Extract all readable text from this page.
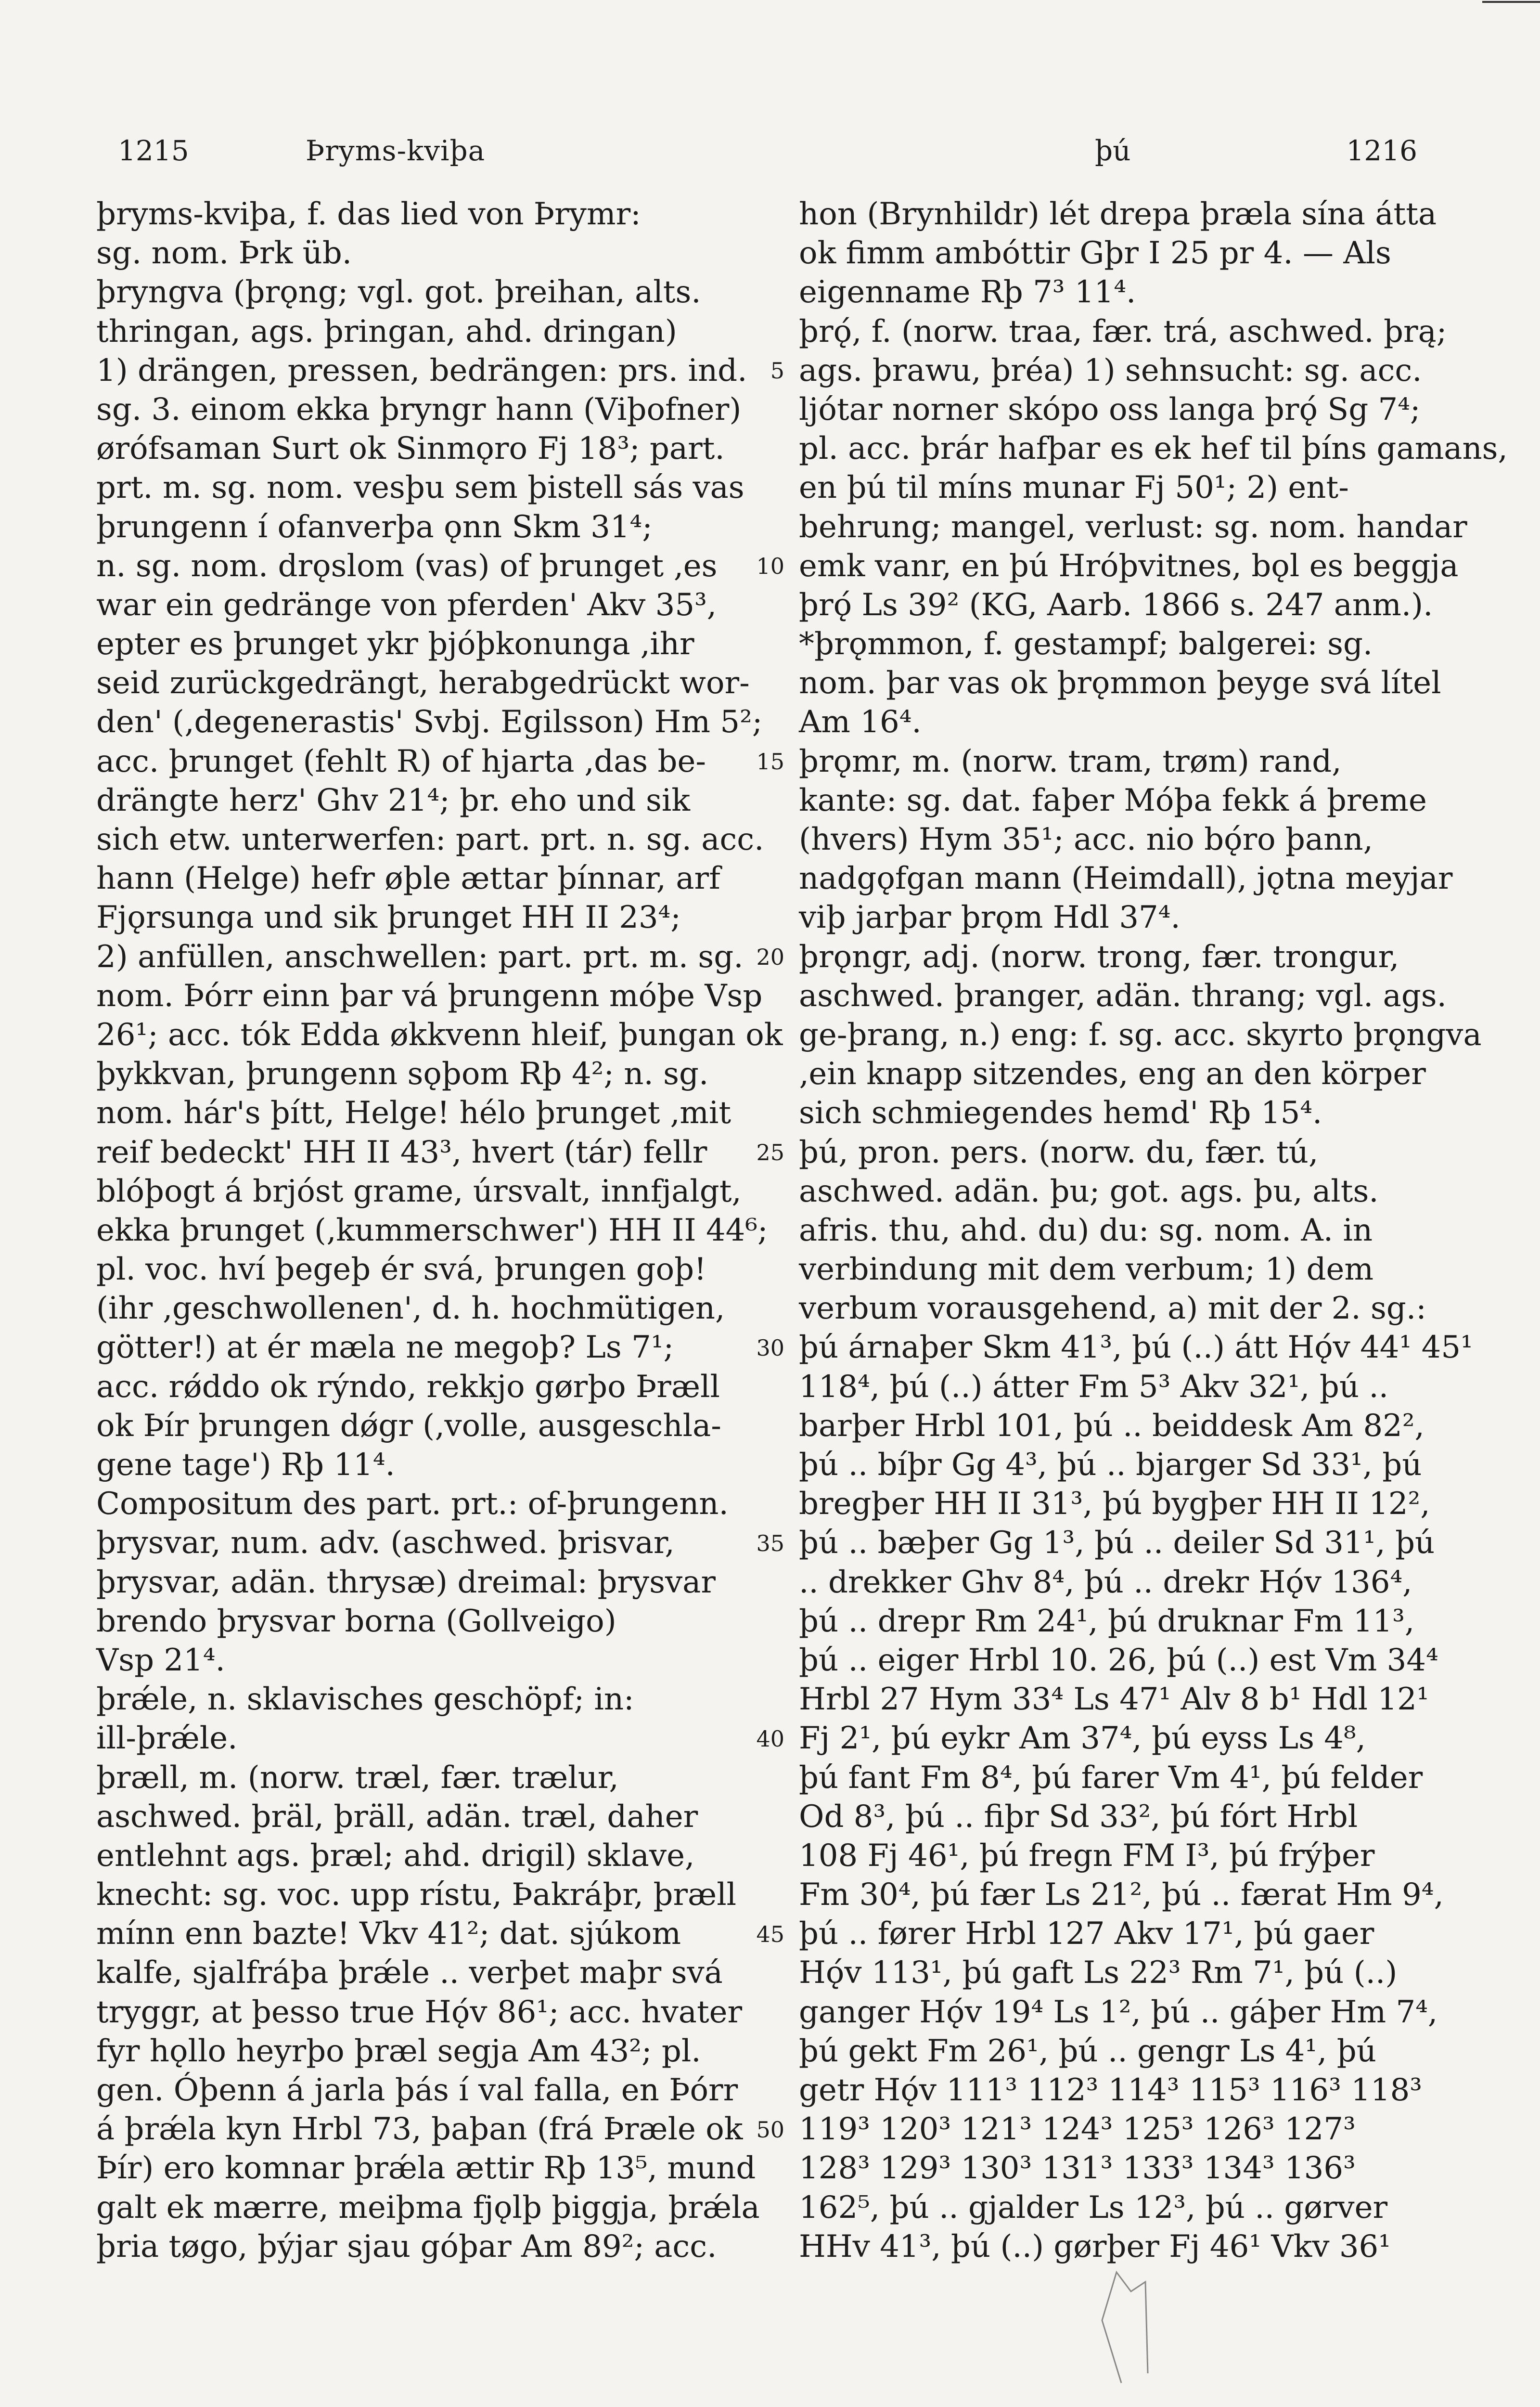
1215	Þryms-kviþa	þú	1216
þryms-kviþa, f. das lied von Þrymr:
sg. nom. Þrk üb.
þryngva (þrǫng; vgl. got. þreihan, alts.
thringan, ags. þringan, ahd. dringan)
1) drängen, pressen, bedrängen: prs. ind.
sg. 3. einom ekka þryngr hann (Viþofner)
ørófsaman Surt ok Sinmǫro Fj 18³; part.
prt. m. sg. nom. vesþu sem þistell sás vas
þrungenn í ofanverþa ǫnn Skm 31⁴;
n. sg. nom. drǫslom (vas) of þrunget ‚es
war ein gedränge von pferden' Akv 35³,
epter es þrunget ykr þjóþkonunga ‚ihr
seid zurückgedrängt, herabgedrückt wor-
den' (‚degenerastis' Svbj. Egilsson) Hm 5²;
acc. þrunget (fehlt R) of hjarta ‚das be-
drängte herz' Ghv 21⁴; þr. eho und sik
sich etw. unterwerfen: part. prt. n. sg. acc.
hann (Helge) hefr øþle ættar þínnar, arf
Fjǫrsunga und sik þrunget HH II 23⁴;
2) anfüllen, anschwellen: part. prt. m. sg.
nom. Þórr einn þar vá þrungenn móþe Vsp
26¹; acc. tók Edda økkvenn hleif, þungan ok
þykkvan, þrungenn sǫþom Rþ 4²; n. sg.
nom. hár's þítt, Helge! hélo þrunget ‚mit
reif bedeckt' HH II 43³, hvert (tár) fellr
blóþogt á brjóst grame, úrsvalt, innfjalgt,
ekka þrunget (‚kummerschwer') HH II 44⁶;
pl. voc. hví þegeþ ér svá, þrungen goþ!
(ihr ‚geschwollenen', d. h. hochmütigen,
götter!) at ér mæla ne megoþ? Ls 7¹;
acc. rǿddo ok rýndo, rekkjo gørþo Þræll
ok Þír þrungen dǿgr (‚volle, ausgeschla-
gene tage') Rþ 11⁴.
Compositum des part. prt.: of-þrungenn.
þrysvar, num. adv. (aschwed. þrisvar,
þrysvar, adän. thrysæ) dreimal: þrysvar
brendo þrysvar borna (Gollveigo)
Vsp 21⁴.
þrǽle, n. sklavisches geschöpf; in:
ill-þrǽle.
þræll, m. (norw. træl, fær. trælur,
aschwed. þräl, þräll, adän. træl, daher
entlehnt ags. þræl; ahd. drigil) sklave,
knecht: sg. voc. upp rístu, Þakráþr, þræll
mínn enn bazte! Vkv 41²; dat. sjúkom
kalfe, sjalfráþa þrǽle .. verþet maþr svá
tryggr, at þesso true Hǫ́v 86¹; acc. hvater
fyr hǫllo heyrþo þræl segja Am 43²; pl.
gen. Óþenn á jarla þás í val falla, en Þórr
á þrǽla kyn Hrbl 73, þaþan (frá Þræle ok
Þír) ero komnar þrǽla ættir Rþ 13⁵, mund
galt ek mærre, meiþma fjǫlþ þiggja, þrǽla
þria tøgo, þýjar sjau góþar Am 89²; acc.
5
10
15
20
25
30
35
40
45
50
hon (Brynhildr) lét drepa þræla sína átta
ok fimm ambóttir Gþr I 25 pr 4. — Als
eigenname Rþ 7³ 11⁴.
þrǫ́, f. (norw. traa, fær. trá, aschwed. þrą;
ags. þrawu, þréa) 1) sehnsucht: sg. acc.
ljótar norner skópo oss langa þrǫ́ Sg 7⁴;
pl. acc. þrár hafþar es ek hef til þíns gamans,
en þú til míns munar Fj 50¹; 2) ent-
behrung; mangel, verlust: sg. nom. handar
emk vanr, en þú Hróþvitnes, bǫl es beggja
þrǫ́ Ls 39² (KG, Aarb. 1866 s. 247 anm.).
*þrǫmmon, f. gestampf; balgerei: sg.
nom. þar vas ok þrǫmmon þeyge svá lítel
Am 16⁴.
þrǫmr, m. (norw. tram, trøm) rand,
kante: sg. dat. faþer Móþa fekk á þreme
(hvers) Hym 35¹; acc. nio bǫ́ro þann,
nadgǫfgan mann (Heimdall), jǫtna meyjar
viþ jarþar þrǫm Hdl 37⁴.
þrǫngr, adj. (norw. trong, fær. trongur,
aschwed. þranger, adän. thrang; vgl. ags.
ge-þrang, n.) eng: f. sg. acc. skyrto þrǫngva
‚ein knapp sitzendes, eng an den körper
sich schmiegendes hemd' Rþ 15⁴.
þú, pron. pers. (norw. du, fær. tú,
aschwed. adän. þu; got. ags. þu, alts.
afris. thu, ahd. du) du: sg. nom. A. in
verbindung mit dem verbum; 1) dem
verbum vorausgehend, a) mit der 2. sg.:
þú árnaþer Skm 41³, þú (..) átt Hǫ́v 44¹ 45¹
118⁴, þú (..) átter Fm 5³ Akv 32¹, þú ..
barþer Hrbl 101, þú .. beiddesk Am 82²,
þú .. bíþr Gg 4³, þú .. bjarger Sd 33¹, þú
bregþer HH II 31³, þú bygþer HH II 12²,
þú .. bæþer Gg 1³, þú .. deiler Sd 31¹, þú
.. drekker Ghv 8⁴, þú .. drekr Hǫ́v 136⁴,
þú .. drepr Rm 24¹, þú druknar Fm 11³,
þú .. eiger Hrbl 10. 26, þú (..) est Vm 34⁴
Hrbl 27 Hym 33⁴ Ls 47¹ Alv 8 b¹ Hdl 12¹
Fj 2¹, þú eykr Am 37⁴, þú eyss Ls 4⁸,
þú fant Fm 8⁴, þú farer Vm 4¹, þú felder
Od 8³, þú .. fiþr Sd 33², þú fórt Hrbl
108 Fj 46¹, þú fregn FM I³, þú frýþer
Fm 30⁴, þú fær Ls 21², þú .. færat Hm 9⁴,
þú .. fører Hrbl 127 Akv 17¹, þú gaer
Hǫ́v 113¹, þú gaft Ls 22³ Rm 7¹, þú (..)
ganger Hǫ́v 19⁴ Ls 1², þú .. gáþer Hm 7⁴,
þú gekt Fm 26¹, þú .. gengr Ls 4¹, þú
getr Hǫ́v 111³ 112³ 114³ 115³ 116³ 118³
119³ 120³ 121³ 124³ 125³ 126³ 127³
128³ 129³ 130³ 131³ 133³ 134³ 136³
162⁵, þú .. gjalder Ls 12³, þú .. gørver
HHv 41³, þú (..) gørþer Fj 46¹ Vkv 36¹
